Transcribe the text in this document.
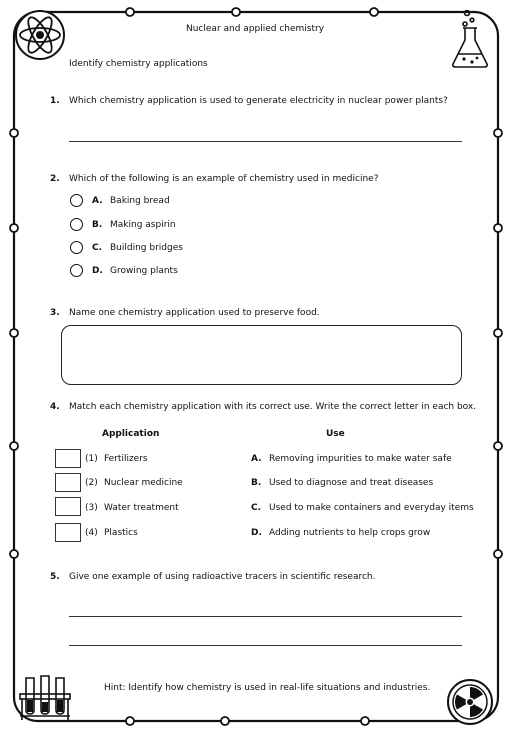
Nuclear and applied chemistry
Identify chemistry applications
1. Which chemistry application is used to generate electricity in nuclear power plants?
2. Which of the following is an example of chemistry used in medicine?
A. Baking bread
B. Making aspirin
C. Building bridges
D. Growing plants
3. Name one chemistry application used to preserve food.
4. Match each chemistry application with its correct use. Write the correct letter in each box.
Application	Use
(1) Fertilizers	A. Removing impurities to make water safe
(2) Nuclear medicine	B. Used to diagnose and treat diseases
(3) Water treatment	C. Used to make containers and everyday items
(4) Plastics	D. Adding nutrients to help crops grow
5. Give one example of using radioactive tracers in scientific research.
Hint: Identify how chemistry is used in real-life situations and industries.
